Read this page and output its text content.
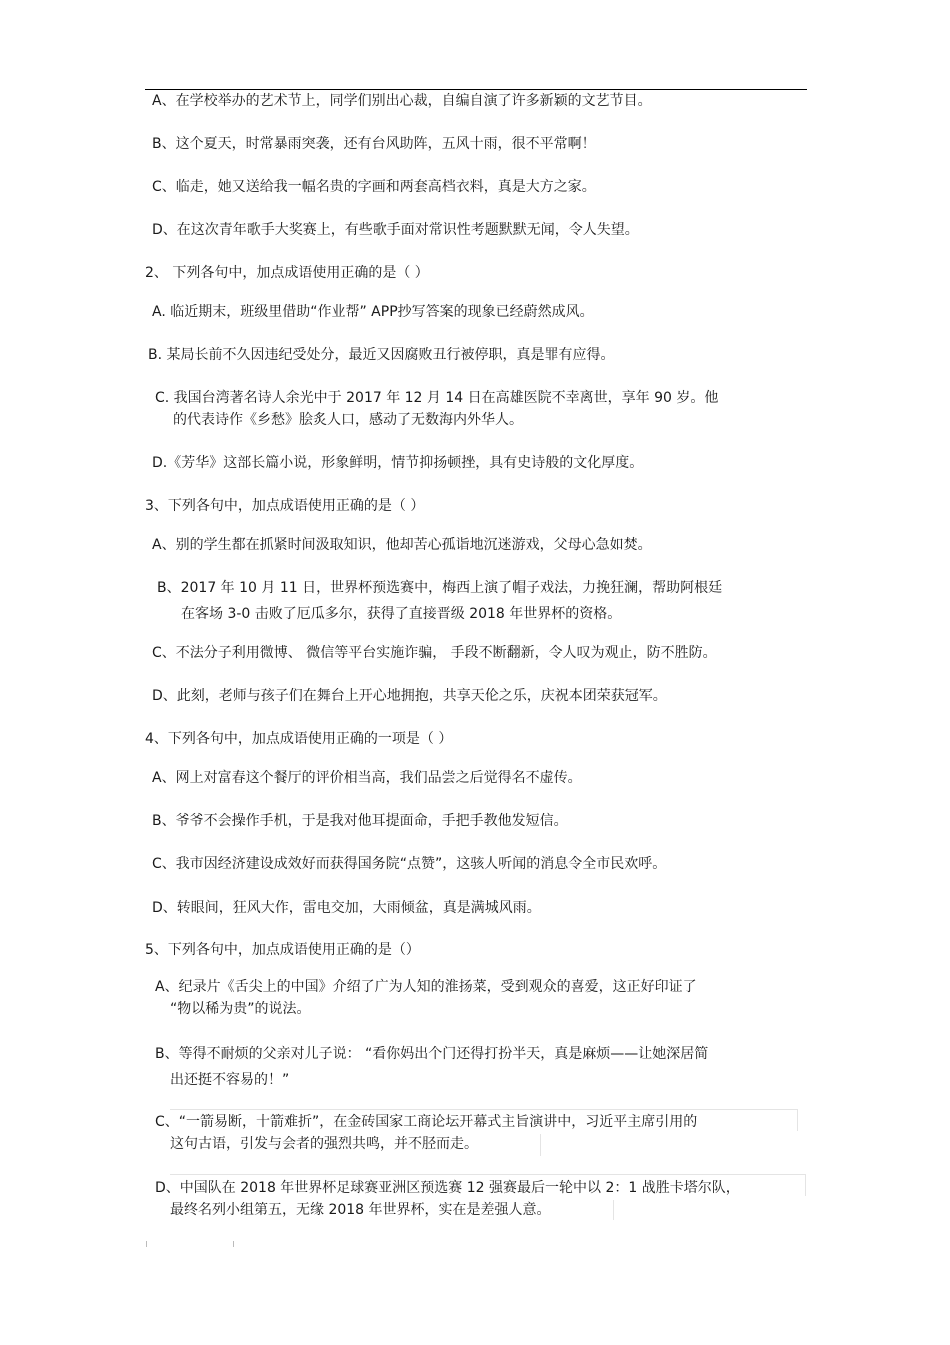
A、在学校举办的艺术节上，同学们别出心裁，自编自演了许多新颖的文艺节目。
B、这个夏天，时常暴雨突袭，还有台风助阵，五风十雨，很不平常啊！
C、临走，她又送给我一幅名贵的字画和两套高档衣料，真是大方之家。
D、在这次青年歌手大奖赛上，有些歌手面对常识性考题默默无闻，令人失望。
2、 下列各句中，加点成语使用正确的是（ ）
A. 临近期末，班级里借助“作业帮” APP抄写答案的现象已经蔚然成风。
B. 某局长前不久因违纪受处分，最近又因腐败丑行被停职，真是罪有应得。
C. 我国台湾著名诗人余光中于 2017 年 12 月 14 日在高雄医院不幸离世，享年 90 岁。他
的代表诗作《乡愁》脍炙人口，感动了无数海内外华人。
D.《芳华》这部长篇小说，形象鲜明，情节抑扬顿挫，具有史诗般的文化厚度。
3、下列各句中，加点成语使用正确的是（ ）
A、别的学生都在抓紧时间汲取知识，他却苦心孤诣地沉迷游戏，父母心急如焚。
B、2017 年 10 月 11 日，世界杯预选赛中，梅西上演了帽子戏法，力挽狂澜，帮助阿根廷
在客场 3-0 击败了厄瓜多尔，获得了直接晋级 2018 年世界杯的资格。
C、不法分子利用微博、 微信等平台实施诈骗， 手段不断翻新，令人叹为观止，防不胜防。
D、此刻，老师与孩子们在舞台上开心地拥抱，共享天伦之乐，庆祝本团荣获冠军。
4、下列各句中，加点成语使用正确的一项是（ ）
A、网上对富春这个餐厅的评价相当高，我们品尝之后觉得名不虚传。
B、爷爷不会操作手机，于是我对他耳提面命，手把手教他发短信。
C、我市因经济建设成效好而获得国务院“点赞”，这骇人听闻的消息令全市民欢呼。
D、转眼间，狂风大作，雷电交加，大雨倾盆，真是满城风雨。
5、下列各句中，加点成语使用正确的是（）
A、纪录片《舌尖上的中国》介绍了广为人知的淮扬菜，受到观众的喜爱，这正好印证了
“物以稀为贵”的说法。
B、等得不耐烦的父亲对儿子说： “看你妈出个门还得打扮半天，真是麻烦——让她深居简
出还挺不容易的！”
C、“一箭易断，十箭难折”，在金砖国家工商论坛开幕式主旨演讲中，习近平主席引用的
这句古语，引发与会者的强烈共鸣，并不胫而走。
D、中国队在 2018 年世界杯足球赛亚洲区预选赛 12 强赛最后一轮中以 2：1 战胜卡塔尔队，
最终名列小组第五，无缘 2018 年世界杯，实在是差强人意。
